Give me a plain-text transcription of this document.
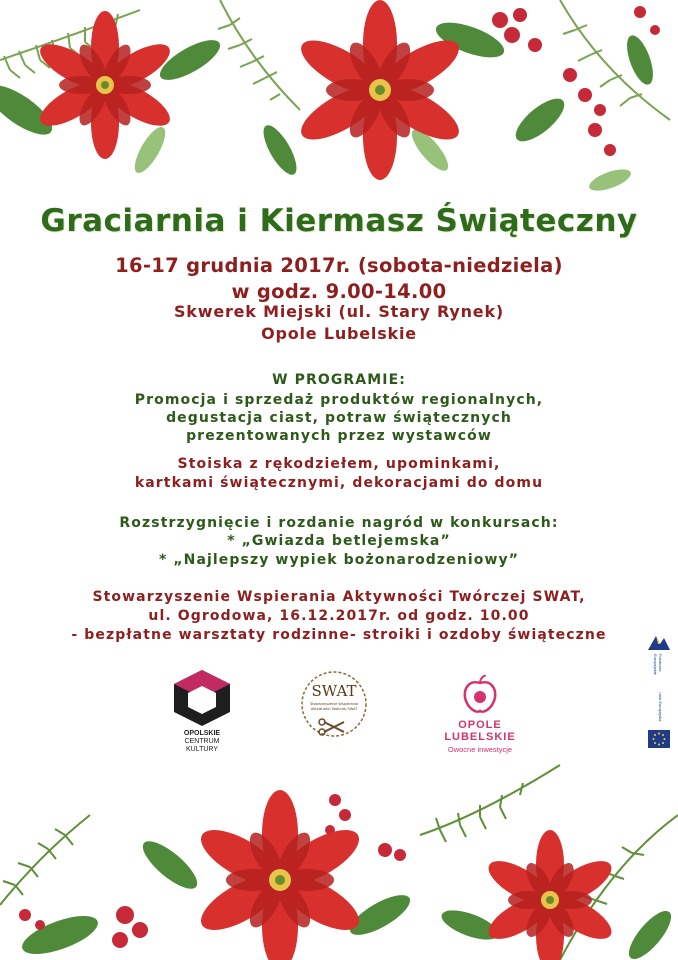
Graciarnia i Kiermasz Świąteczny
16-17 grudnia 2017r. (sobota-niedziela)
w godz. 9.00-14.00
Skwerek Miejski (ul. Stary Rynek)
Opole Lubelskie
W PROGRAMIE:
Promocja i sprzedaż produktów regionalnych,
degustacja ciast, potraw świątecznych
prezentowanych przez wystawców
Stoiska z rękodziełem, upominkami,
kartkami świątecznymi, dekoracjami do domu
Rozstrzygnięcie i rozdanie nagród w konkursach:
* „Gwiazda betlejemska”
* „Najlepszy wypiek bożonarodzeniowy”
Stowarzyszenie Wspierania Aktywności Twórczej SWAT,
ul. Ogrodowa, 16.12.2017r. od godz. 10.00
- bezpłatne warsztaty rodzinne- stroiki i ozdoby świąteczne
OPOLSKIE
CENTRUM
KULTURY
SWAT
Stowarzyszenie Wspierania
Aktywności Twórczej SWAT
OPOLE
LUBELSKIE
Owocne inwestycje
Fundusze Europejskie
Unia Europejska
